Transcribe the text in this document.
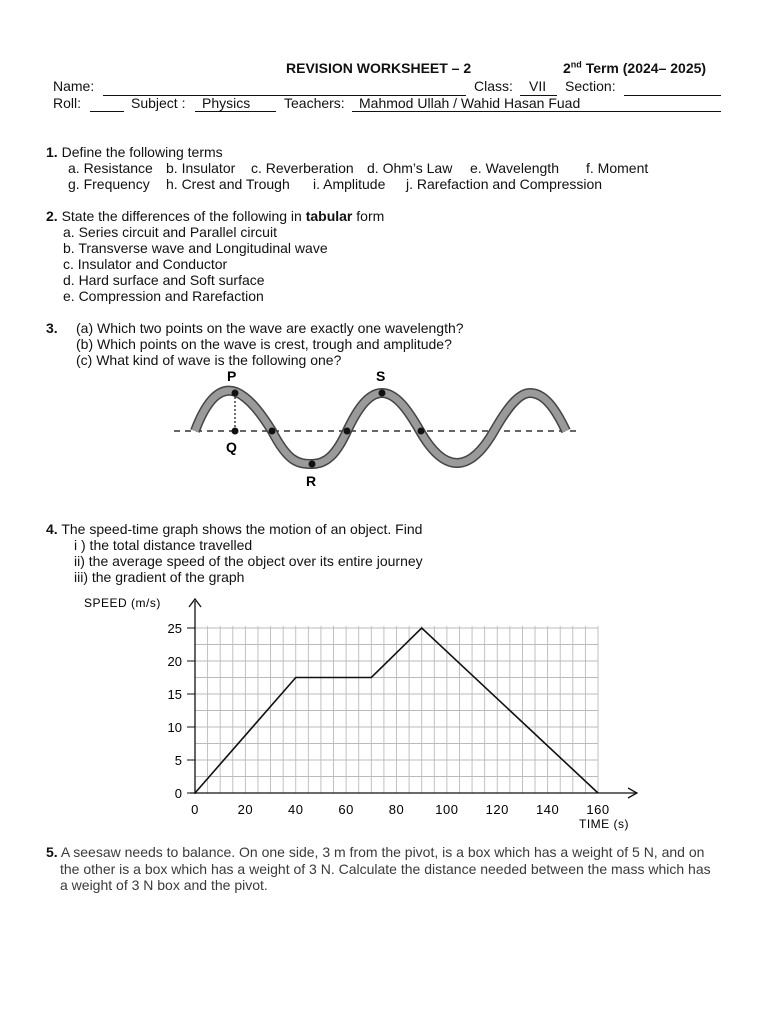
REVISION WORKSHEET – 2	2nd Term (2024– 2025)
Name:	Class: VII Section:
Roll:	Subject : Physics Teachers: Mahmod Ullah / Wahid Hasan Fuad
1. Define the following terms
a. Resistance b. Insulator c. Reverberation d. Ohm’s Law e. Wavelength f. Moment
g. Frequency h. Crest and Trough i. Amplitude j. Rarefaction and Compression
2. State the differences of the following in tabular form
a. Series circuit and Parallel circuit
b. Transverse wave and Longitudinal wave
c. Insulator and Conductor
d. Hard surface and Soft surface
e. Compression and Rarefaction
3. (a) Which two points on the wave are exactly one wavelength?
(b) Which points on the wave is crest, trough and amplitude?
(c) What kind of wave is the following one?
P
Q
R
S
4. The speed-time graph shows the motion of an object. Find
i ) the total distance travelled
ii) the average speed of the object over its entire journey
iii) the gradient of the graph
0
5
10
15
20
25
0	20	40	60	80 100 120 140 160
SPEED (m/s)
TIME (s)
5. A seesaw needs to balance. On one side, 3 m from the pivot, is a box which has a weight of 5 N, and on
the other is a box which has a weight of 3 N. Calculate the distance needed between the mass which has
a weight of 3 N box and the pivot.
